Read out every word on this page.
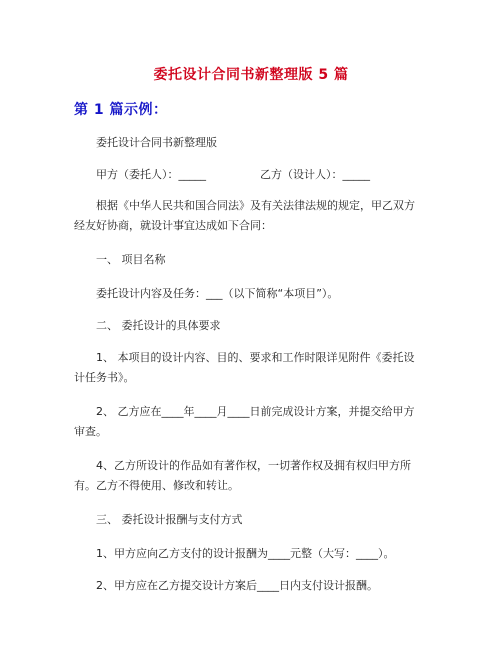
委托设计合同书新整理版 5 篇
第 1 篇示例：
委托设计合同书新整理版
甲方（委托人）：_____	乙方（设计人）：_____
根据《中华人民共和国合同法》及有关法律法规的规定，甲乙双方
经友好协商，就设计事宜达成如下合同：
一、 项目名称
委托设计内容及任务：___（以下简称“本项目”）。
二、 委托设计的具体要求
1、 本项目的设计内容、目的、要求和工作时限详见附件《委托设
计任务书》。
2、 乙方应在____年____月____日前完成设计方案，并提交给甲方
审查。
4、乙方所设计的作品如有著作权，一切著作权及拥有权归甲方所
有。乙方不得使用、修改和转让。
三、 委托设计报酬与支付方式
1、甲方应向乙方支付的设计报酬为____元整（大写：____）。
2、甲方应在乙方提交设计方案后____日内支付设计报酬。
